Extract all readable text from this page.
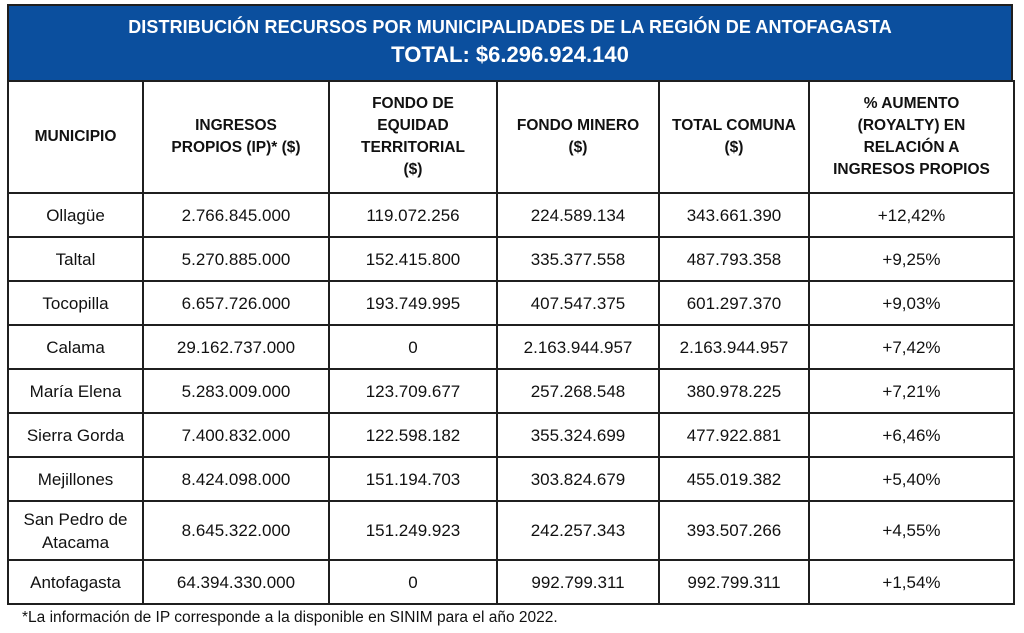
DISTRIBUCIÓN RECURSOS POR MUNICIPALIDADES DE LA REGIÓN DE ANTOFAGASTA
TOTAL: $6.296.924.140
MUNICIPIO	INGRESOS PROPIOS (IP)* ($)	FONDO DE EQUIDAD TERRITORIAL ($)	FONDO MINERO ($)	TOTAL COMUNA ($)	% AUMENTO (ROYALTY) EN RELACIÓN A INGRESOS PROPIOS

Ollagüe	2.766.845.000	119.072.256	224.589.134	343.661.390	+12,42%
Taltal	5.270.885.000	152.415.800	335.377.558	487.793.358	+9,25%
Tocopilla	6.657.726.000	193.749.995	407.547.375	601.297.370	+9,03%
Calama	29.162.737.000	0	2.163.944.957	2.163.944.957	+7,42%
María Elena	5.283.009.000	123.709.677	257.268.548	380.978.225	+7,21%
Sierra Gorda	7.400.832.000	122.598.182	355.324.699	477.922.881	+6,46%
Mejillones	8.424.098.000	151.194.703	303.824.679	455.019.382	+5,40%
San Pedro de Atacama	8.645.322.000	151.249.923	242.257.343	393.507.266	+4,55%
Antofagasta	64.394.330.000	0	992.799.311	992.799.311	+1,54%
*La información de IP corresponde a la disponible en SINIM para el año 2022.
